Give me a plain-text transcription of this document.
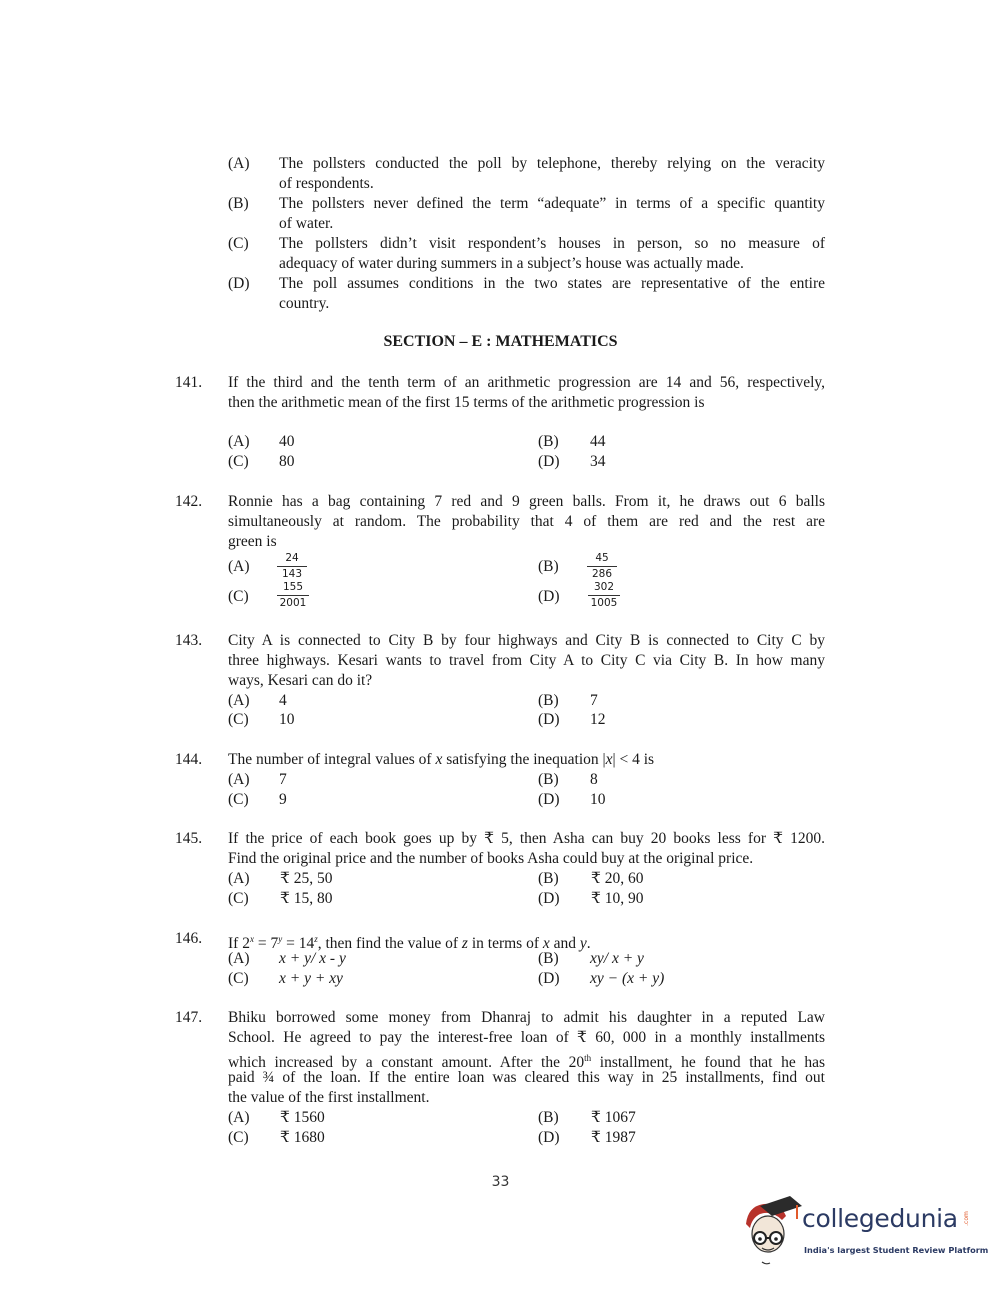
(A) The pollsters conducted the poll by telephone, thereby relying on the veracity
of respondents.
(B) The pollsters never defined the term “adequate” in terms of a specific quantity
of water.
(C) The pollsters didn’t visit respondent’s houses in person, so no measure of
adequacy of water during summers in a subject’s house was actually made.
(D) The poll assumes conditions in the two states are representative of the entire
country.
SECTION – E : MATHEMATICS
141. If the third and the tenth term of an arithmetic progression are 14 and 56, respectively,
then the arithmetic mean of the first 15 terms of the arithmetic progression is
(A) 40	(B) 44
(C) 80	(D) 34
142. Ronnie has a bag containing 7 red and 9 green balls. From it, he draws out 6 balls
simultaneously at random. The probability that 4 of them are red and the rest are
green is
(A)	$\frac{24}{143}$	(B)	$\frac{45}{286}$
(C)	$\frac{155}{2001}$	(D)	$\frac{302}{1005}$
143. City A is connected to City B by four highways and City B is connected to City C by
three highways. Kesari wants to travel from City A to City C via City B. In how many
ways, Kesari can do it?
(A) 4	(B) 7
(C) 10	(D) 12
144. The number of integral values of x satisfying the inequation |x| < 4 is
(A) 7	(B) 8
(C) 9	(D) 10
145. If the price of each book goes up by ₹ 5, then Asha can buy 20 books less for ₹ 1200.
Find the original price and the number of books Asha could buy at the original price.
(A) ₹ 25, 50	(B) ₹ 20, 60
(C) ₹ 15, 80	(D) ₹ 10, 90
146. If $2^x = 7^y = 14^z$, then find the value of z in terms of x and y.
(A) x + y/ x - y	(B) xy/ x + y
(C) x + y + xy	(D) xy − (x + y)
147. Bhiku borrowed some money from Dhanraj to admit his daughter in a reputed Law
School. He agreed to pay the interest-free loan of ₹ 60, 000 in a monthly installments
which increased by a constant amount. After the 20th installment, he found that he has
paid ¾ of the loan. If the entire loan was cleared this way in 25 installments, find out
the value of the first installment.
(A) ₹ 1560	(B) ₹ 1067
(C) ₹ 1680	(D) ₹ 1987
33
collegedunia .com
India's largest Student Review Platform
